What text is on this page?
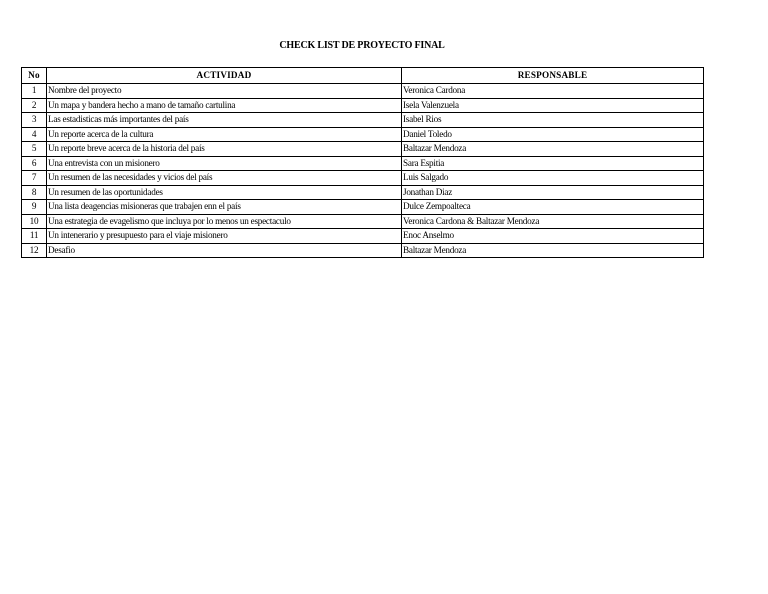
CHECK LIST DE PROYECTO FINAL
No	ACTIVIDAD	RESPONSABLE
1	Nombre del proyecto	Veronica Cardona
2	Un mapa y bandera hecho a mano de tamaño cartulina	Isela Valenzuela
3	Las estadisticas más importantes del país	Isabel Rios
4	Un reporte acerca de la cultura	Daniel Toledo
5	Un reporte breve acerca de la historia del país	Baltazar Mendoza
6	Una entrevista con un misionero	Sara Espitia
7	Un resumen de las necesidades y vicios del país	Luis Salgado
8	Un resumen de las oportunidades	Jonathan Diaz
9	Una lista deagencias misioneras que trabajen enn el país	Dulce Zempoalteca
10	Una estrategia de evagelismo que incluya por lo menos un espectaculo	Veronica Cardona & Baltazar Mendoza
11	Un intenerario y presupuesto para el viaje misionero	Enoc Anselmo
12	Desafio	Baltazar Mendoza
